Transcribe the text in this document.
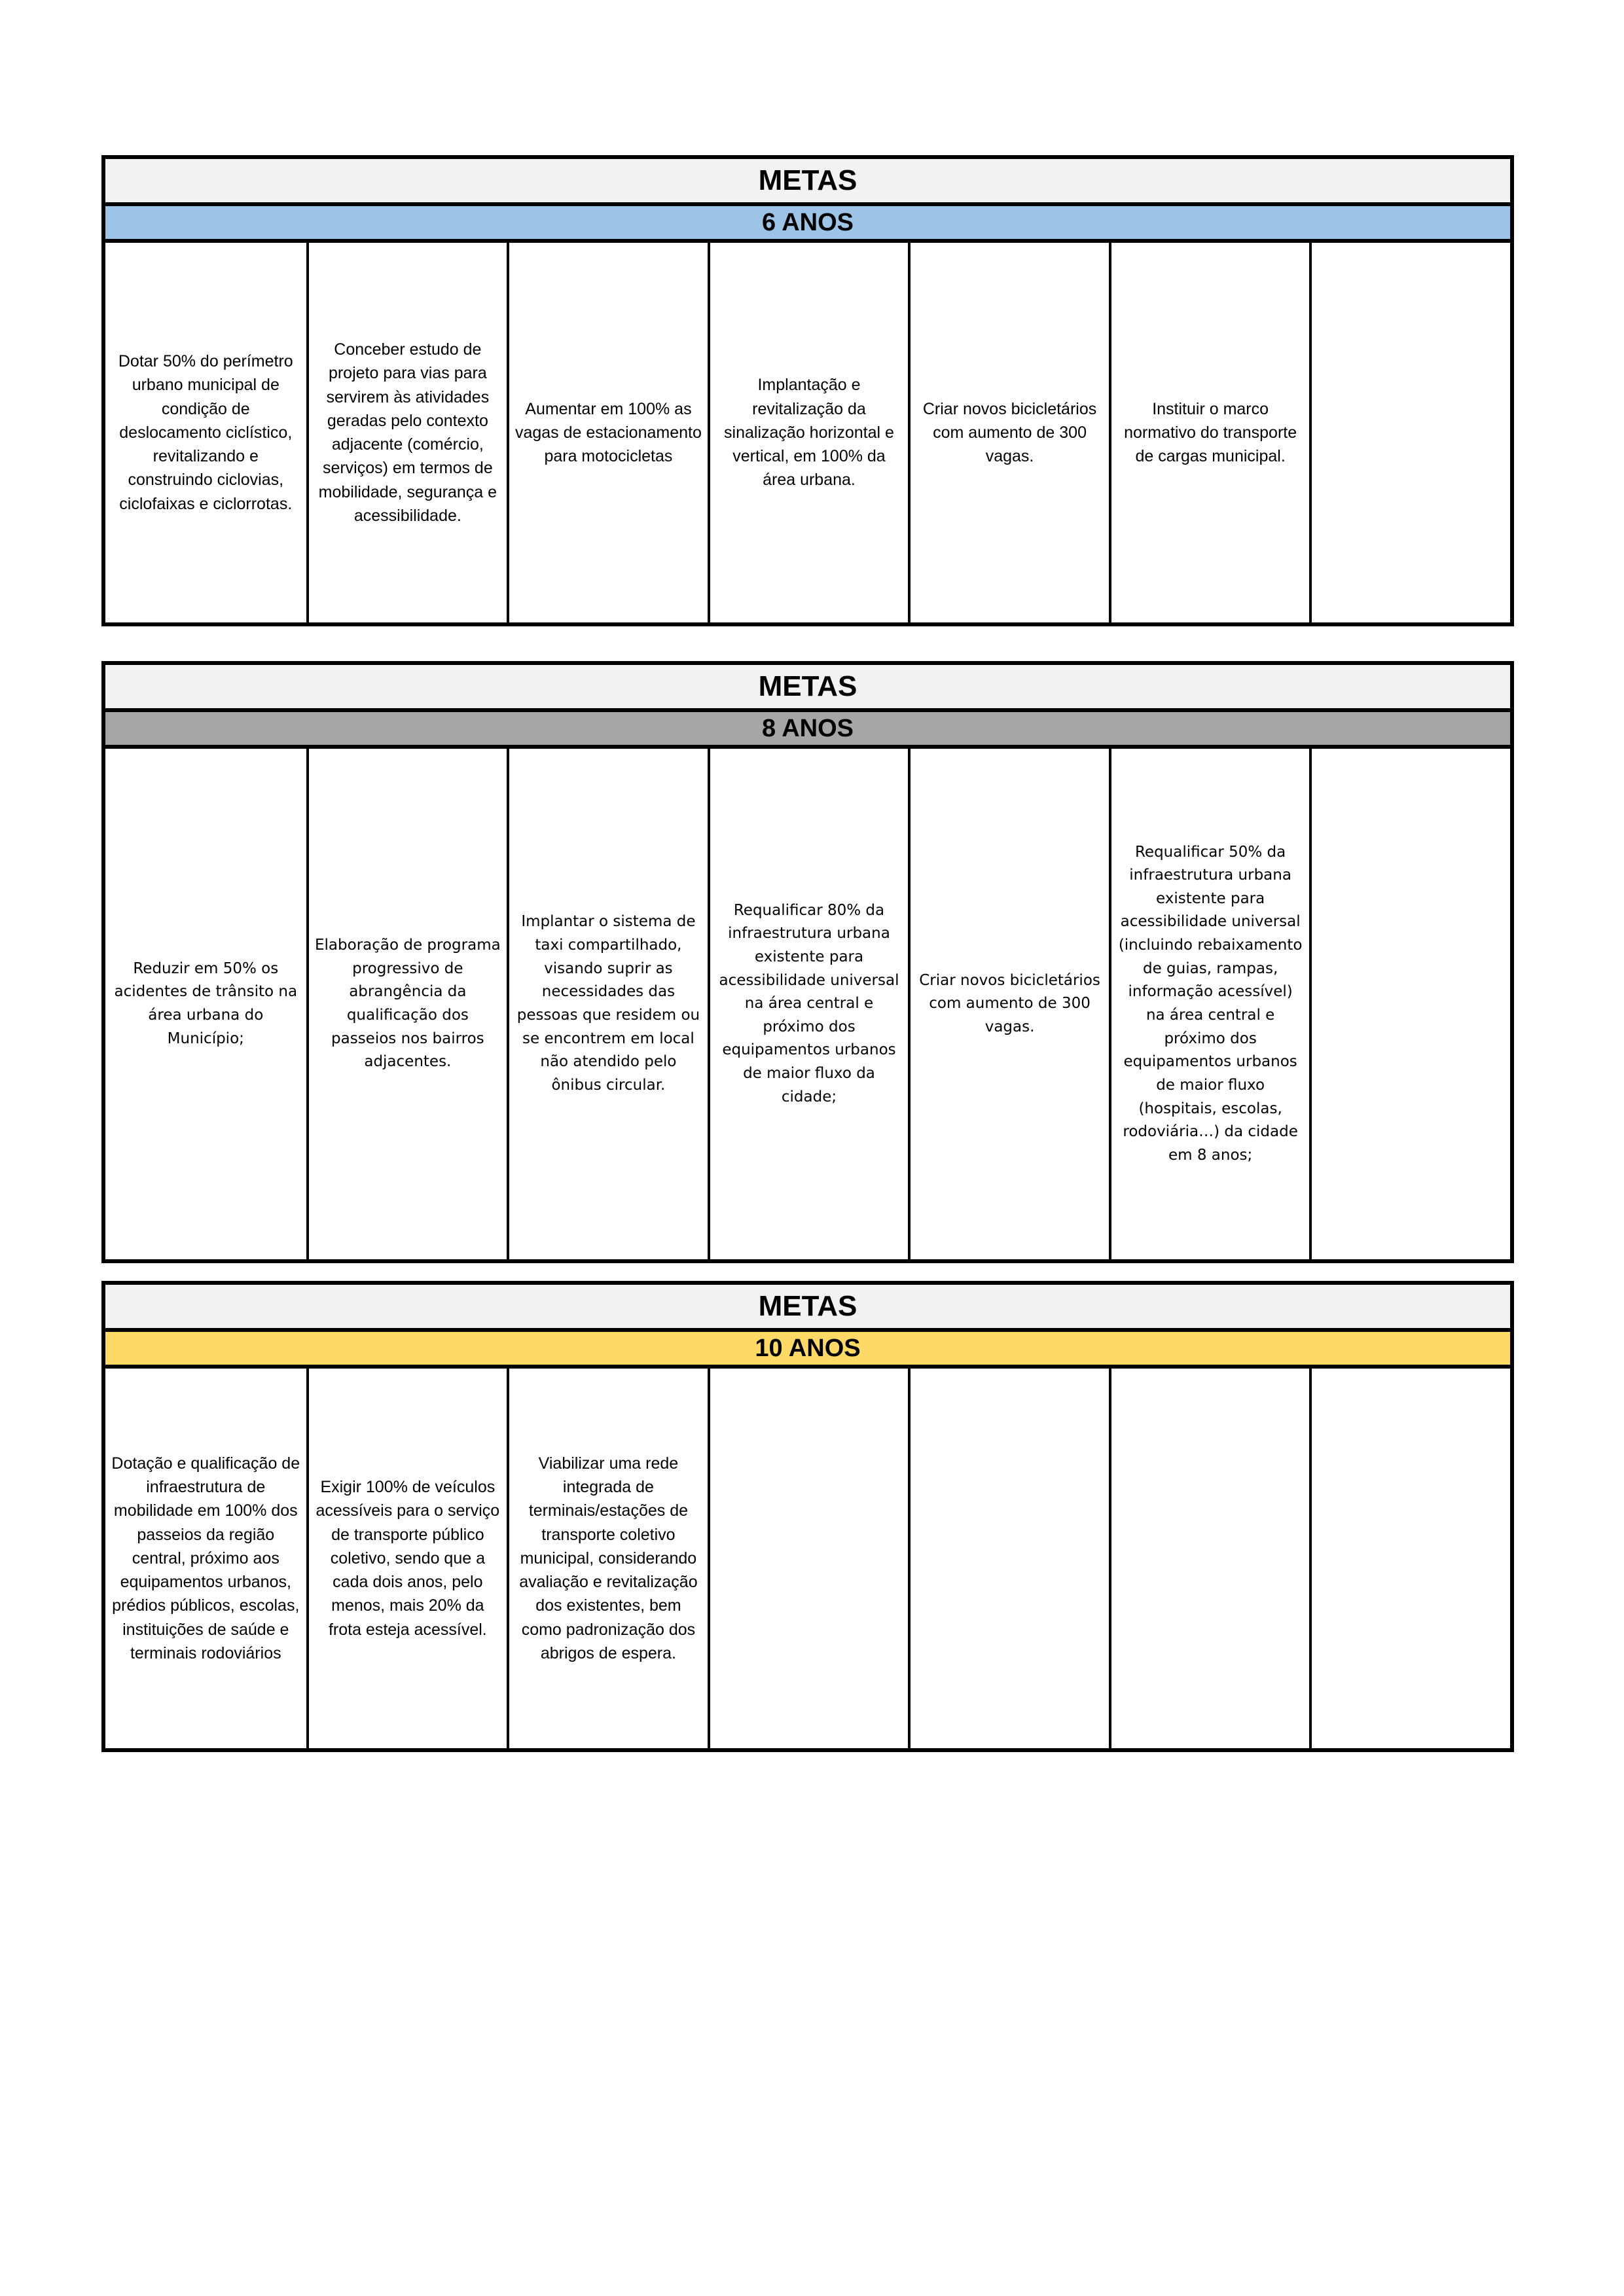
METAS
6 ANOS
Dotar 50% do perímetro urbano municipal de condição de deslocamento ciclístico, revitalizando e construindo ciclovias, ciclofaixas e ciclorrotas.
Conceber estudo de projeto para vias para servirem às atividades geradas pelo contexto adjacente (comércio, serviços) em termos de mobilidade, segurança e acessibilidade.
Aumentar em 100% as vagas de estacionamento para motocicletas
Implantação e revitalização da sinalização horizontal e vertical, em 100% da área urbana.
Criar novos bicicletários com aumento de 300 vagas.
Instituir o marco normativo do transporte de cargas municipal.
METAS
8 ANOS
Reduzir em 50% os acidentes de trânsito na área urbana do Município;
Elaboração de programa progressivo de abrangência da qualificação dos passeios nos bairros adjacentes.
Implantar o sistema de taxi compartilhado, visando suprir as necessidades das pessoas que residem ou se encontrem em local não atendido pelo ônibus circular.
Requalificar 80% da infraestrutura urbana existente para acessibilidade universal na área central e próximo dos equipamentos urbanos de maior fluxo da cidade;
Criar novos bicicletários com aumento de 300 vagas.
Requalificar 50% da infraestrutura urbana existente para acessibilidade universal (incluindo rebaixamento de guias, rampas, informação acessível) na área central e próximo dos equipamentos urbanos de maior fluxo (hospitais, escolas, rodoviária…) da cidade em 8 anos;
METAS
10 ANOS
Dotação e qualificação de infraestrutura de mobilidade em 100% dos passeios da região central, próximo aos equipamentos urbanos, prédios públicos, escolas, instituições de saúde e terminais rodoviários
Exigir 100% de veículos acessíveis para o serviço de transporte público coletivo, sendo que a cada dois anos, pelo menos, mais 20% da frota esteja acessível.
Viabilizar uma rede integrada de terminais/estações de transporte coletivo municipal, considerando avaliação e revitalização dos existentes, bem como padronização dos abrigos de espera.
